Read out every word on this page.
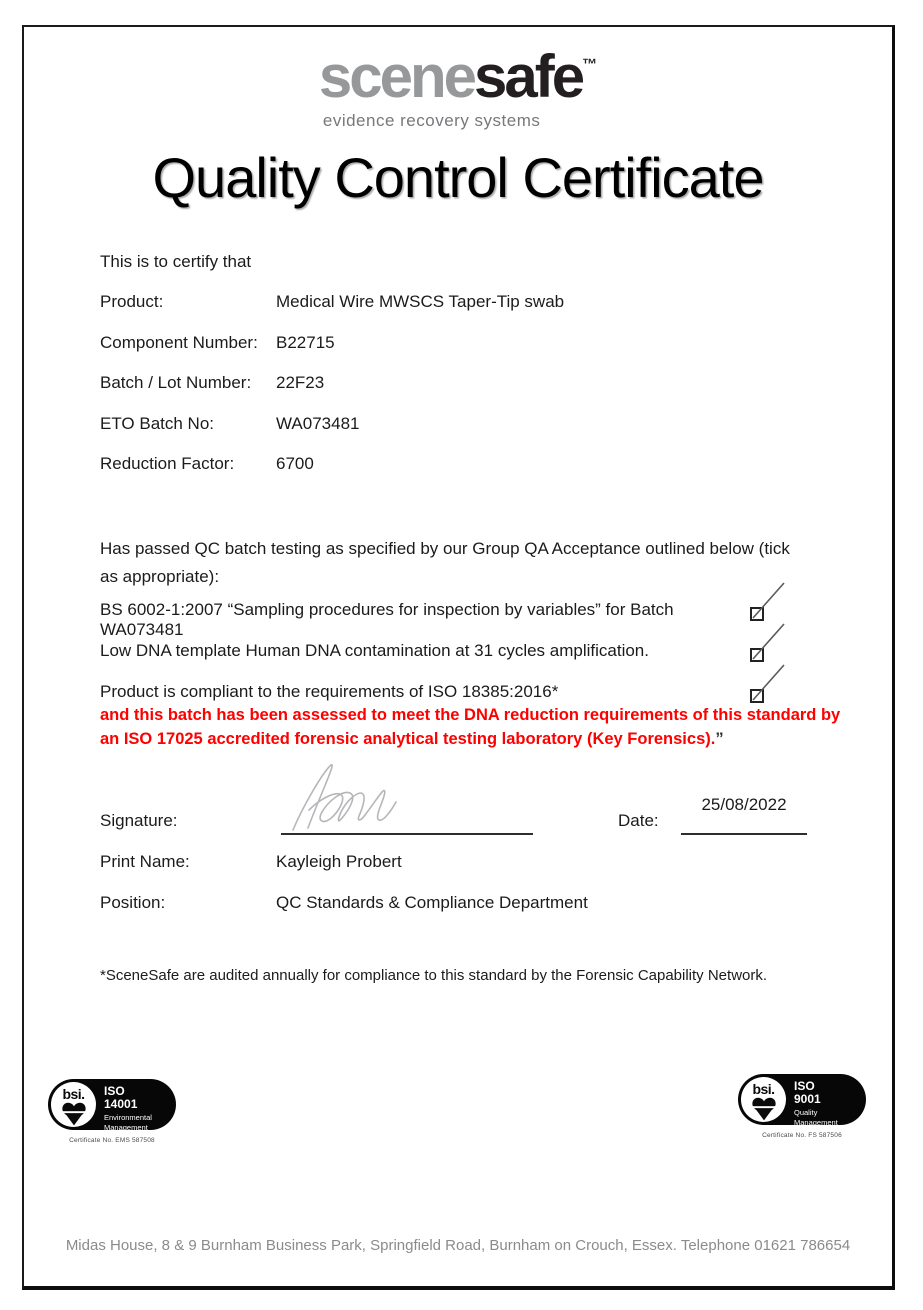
scenesafe™
evidence recovery systems
Quality Control Certificate
This is to certify that
Product:	Medical Wire MWSCS Taper-Tip swab
Component Number:	B22715
Batch / Lot Number:	22F23
ETO Batch No:	WA073481
Reduction Factor:	6700
Has passed QC batch testing as specified by our Group QA Acceptance outlined below (tick as appropriate):
BS 6002-1:2007 “Sampling procedures for inspection by variables” for Batch WA073481
Low DNA template Human DNA contamination at 31 cycles amplification.
Product is compliant to the requirements of ISO 18385:2016*
and this batch has been assessed to meet the DNA reduction requirements of this standard by an ISO 17025 accredited forensic analytical testing laboratory (Key Forensics).”
Signature:	Date:
25/08/2022
Print Name:	Kayleigh Probert
Position:	QC Standards & Compliance Department
*SceneSafe are audited annually for compliance to this standard by the Forensic Capability Network.
bsi.	ISO
14001
Environmental
Management
Certificate No. EMS 587508
bsi.	ISO
9001
Quality
Management
Certificate No. FS 587506
Midas House, 8 & 9 Burnham Business Park, Springfield Road, Burnham on Crouch, Essex. Telephone 01621 786654
